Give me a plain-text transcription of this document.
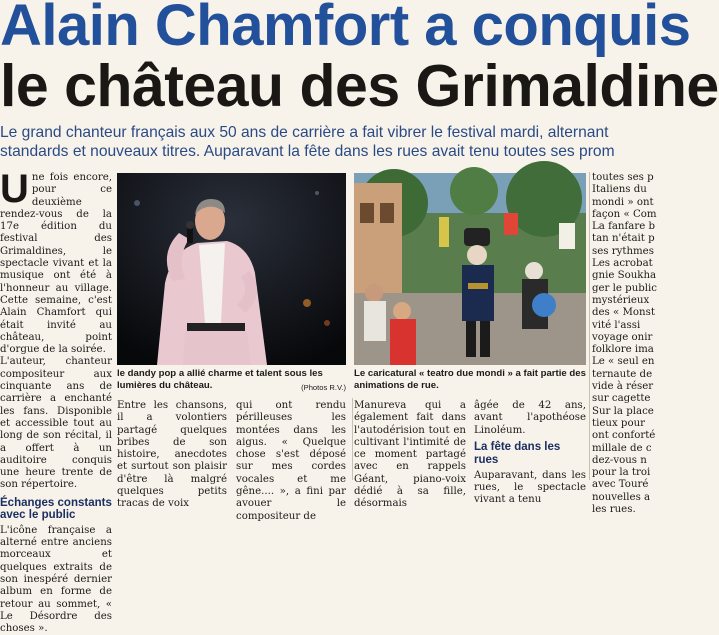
Alain Chamfort a conquis
le château des Grimaldine
Le grand chanteur français aux 50 ans de carrière a fait vibrer le festival mardi, alternant
standards et nouveaux titres. Auparavant la fête dans les rues avait tenu toutes ses prom
U ne fois encore, pour ce deuxième rendez-vous de la 17e édition du festival des Grimaldines, le spectacle vivant et la musique ont été à l'honneur au village. Cette semaine, c'est Alain Chamfort qui était invité au château, point d'orgue de la soirée.

L'auteur, chanteur compositeur aux cinquante ans de carrière a enchanté les fans. Disponible et accessible tout au long de son récital, il a offert à un auditoire conquis une heure trente de son répertoire.

Échanges constants avec le public

L'icône française a alterné entre anciens morceaux et quelques extraits de son inespéré dernier album en forme de retour au sommet, « Le Désordre des choses ».

le dandy pop a allié charme et talent sous les lumières du château.	(Photos R.V.)
Le caricatural « teatro due mondi » a fait partie des animations de rue.
Entre les chansons, il a volontiers partagé quelques bribes de son histoire, anecdotes et surtout son plaisir d'être là malgré quelques petits tracas de voix
qui ont rendu périlleuses les montées dans les aigus. « Quelque chose s'est déposé sur mes cordes vocales et me gêne.... », a fini par avouer le compositeur de
Manureva qui a également fait dans l'autodérision tout en cultivant l'intimité de ce moment partagé avec en rappels Géant, piano-voix dédié à sa fille, désormais

âgée de 42 ans, avant l'apothéose Linoléum.

La fête dans les rues

Auparavant, dans les rues, le spectacle vivant a tenu

toutes ses p
Italiens du
mondi » ont
façon « Com
La fanfare b
tan n'était p
ses rythmes
Les acrobat
gnie Soukha
ger le public
mystérieux
des « Monst
vité l'assi
voyage onir
folklore ima
Le « seul en
ternaute de
vide à réser
sur cagette
Sur la place
tieux pour
ont conforté
millale de c
dez-vous n
pour la troi
avec Touré
nouvelles a
les rues.
